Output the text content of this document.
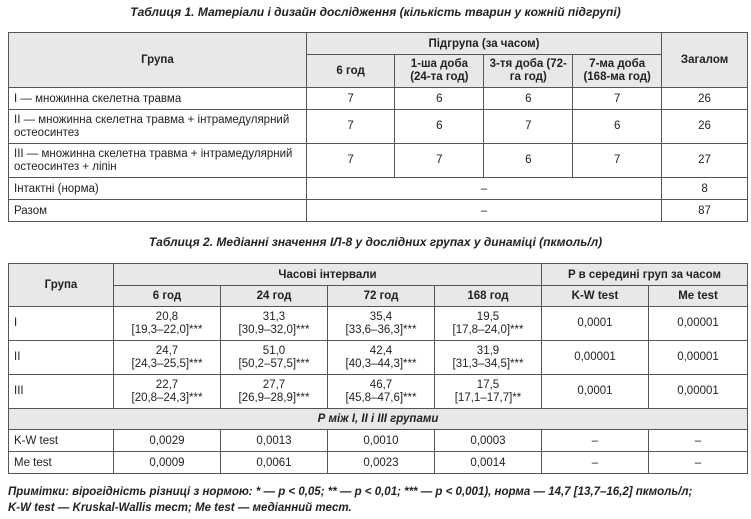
Таблиця 1. Матеріали і дизайн дослідження (кількість тварин у кожній підгрупі)
Група	Підгрупа (за часом)				Загалом
	6 год	1-ша доба (24-та год)	3-тя доба (72-га год)	7-ма доба (168-ма год)	
І — множинна скелетна травма	7	6	6	7	26
ІІ — множинна скелетна травма + інтрамедулярний остеосинтез	7	6	7	6	26
ІІІ — множинна скелетна травма + інтрамедулярний остеосинтез + ліпін	7	7	6	7	27
Інтактні (норма)	–				8
Разом	–				87
Таблиця 2. Медіанні значення ІЛ-8 у дослідних групах у динаміці (пкмоль/л)
Група	Часові інтервали				P в середині груп за часом	
	6 год	24 год	72 год	168 год	K-W test	Me test
І	20,8
[19,3–22,0]***	31,3
[30,9–32,0]***	35,4
[33,6–36,3]***	19,5
[17,8–24,0]***	0,0001	0,00001
ІІ	24,7
[24,3–25,5]***	51,0
[50,2–57,5]***	42,4
[40,3–44,3]***	31,9
[31,3–34,5]***	0,00001	0,00001
ІІІ	22,7
[20,8–24,3]***	27,7
[26,9–28,9]***	46,7
[45,8–47,6]***	17,5
[17,1–17,7]**	0,0001	0,00001
Р між І, ІІ і ІІІ групами						
K-W test	0,0029	0,0013	0,0010	0,0003	–	–
Me test	0,0009	0,0061	0,0023	0,0014	–	–
Примітки: вірогідність різниці з нормою: * — p < 0,05; ** — p < 0,01; *** — p < 0,001), норма — 14,7 [13,7–16,2] пкмоль/л;
K-W test — Kruskal-Wallis тест; Me test — медіанний тест.
